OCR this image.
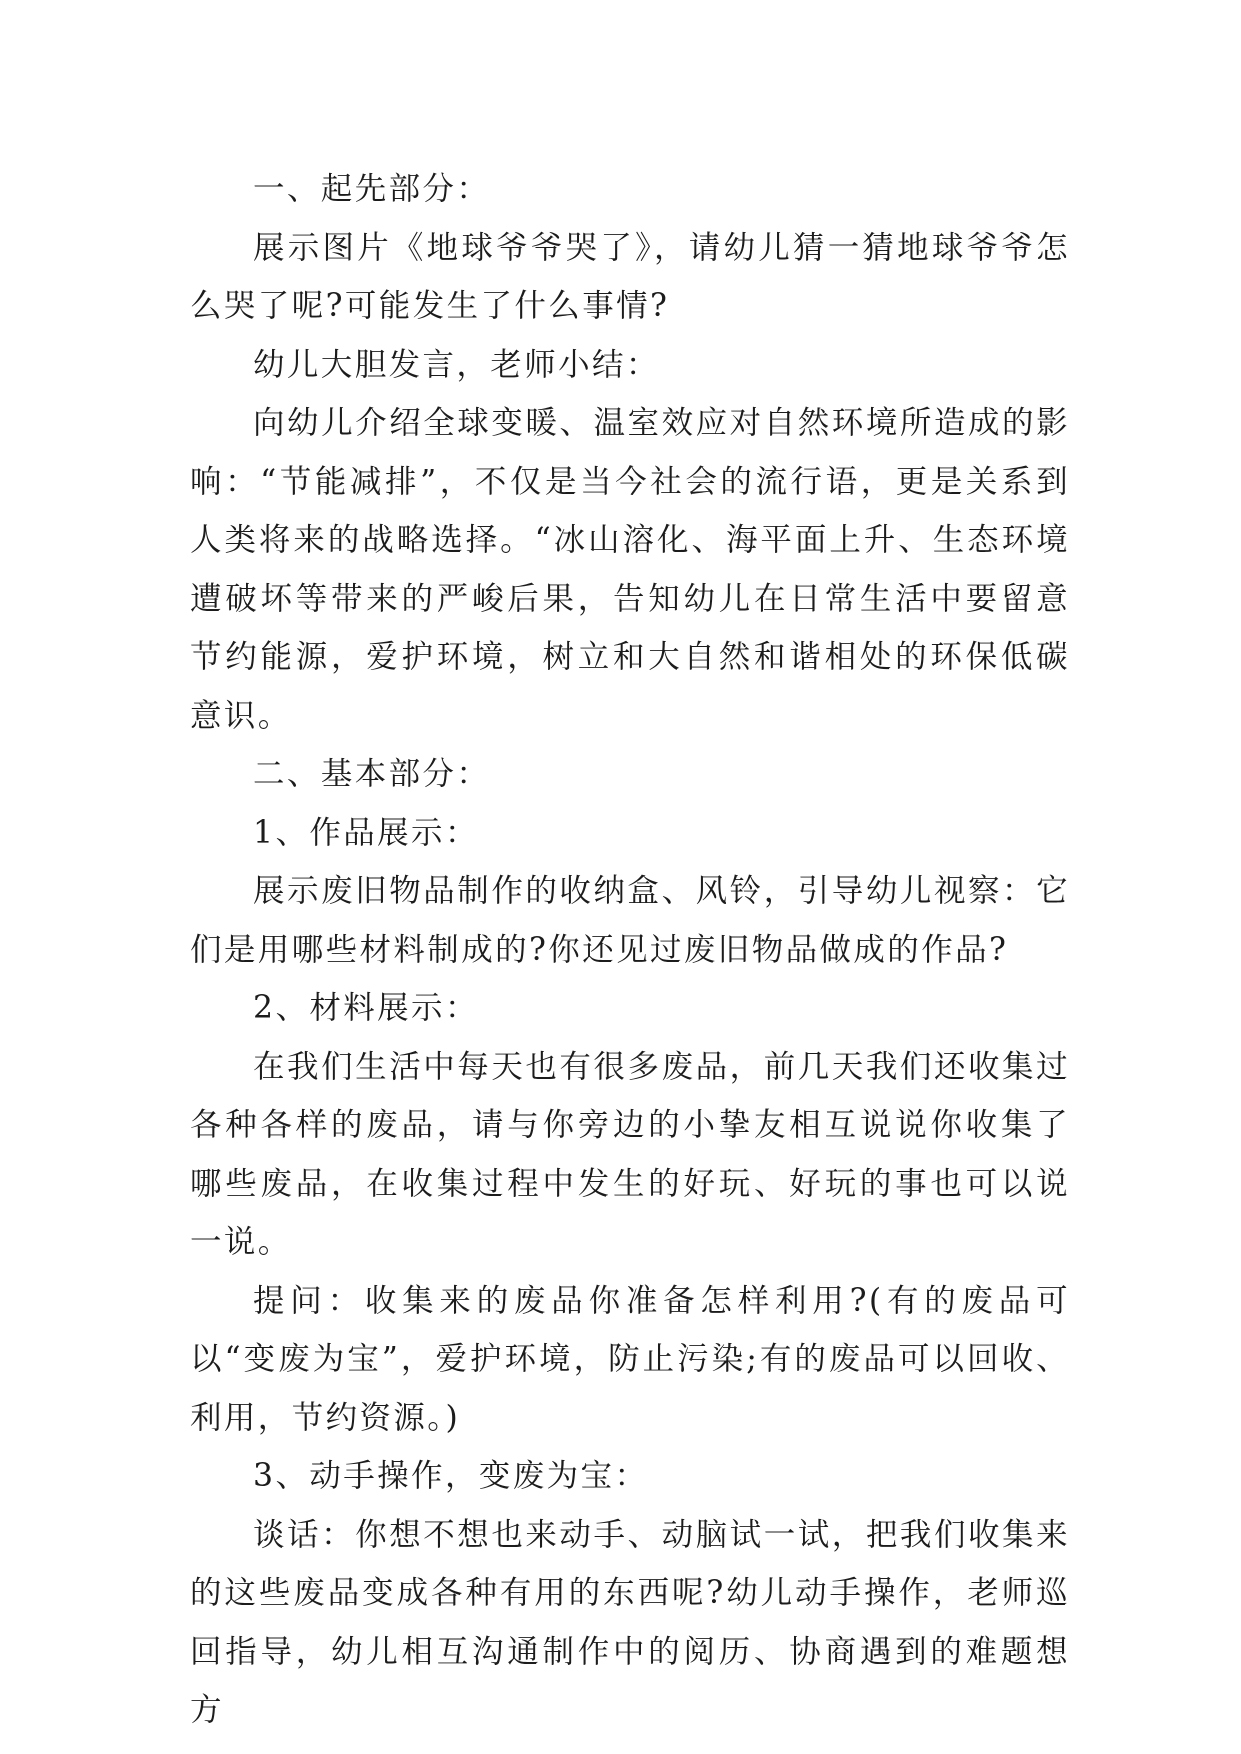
一、起先部分：

展示图片《地球爷爷哭了》，请幼儿猜一猜地球爷爷怎么哭了呢?可能发生了什么事情?

幼儿大胆发言，老师小结：

向幼儿介绍全球变暖、温室效应对自然环境所造成的影响：“节能减排”，不仅是当今社会的流行语，更是关系到人类将来的战略选择。“冰山溶化、海平面上升、生态环境遭破坏等带来的严峻后果，告知幼儿在日常生活中要留意节约能源，爱护环境，树立和大自然和谐相处的环保低碳意识。

二、基本部分：

1、作品展示：

展示废旧物品制作的收纳盒、风铃，引导幼儿视察：它们是用哪些材料制成的?你还见过废旧物品做成的作品?

2、材料展示：

在我们生活中每天也有很多废品，前几天我们还收集过各种各样的废品，请与你旁边的小挚友相互说说你收集了哪些废品，在收集过程中发生的好玩、好玩的事也可以说一说。

提问：收集来的废品你准备怎样利用?(有的废品可以“变废为宝”，爱护环境，防止污染;有的废品可以回收、利用，节约资源。)

3、动手操作，变废为宝：

谈话：你想不想也来动手、动脑试一试，把我们收集来的这些废品变成各种有用的东西呢?幼儿动手操作，老师巡回指导，幼儿相互沟通制作中的阅历、协商遇到的难题想方
